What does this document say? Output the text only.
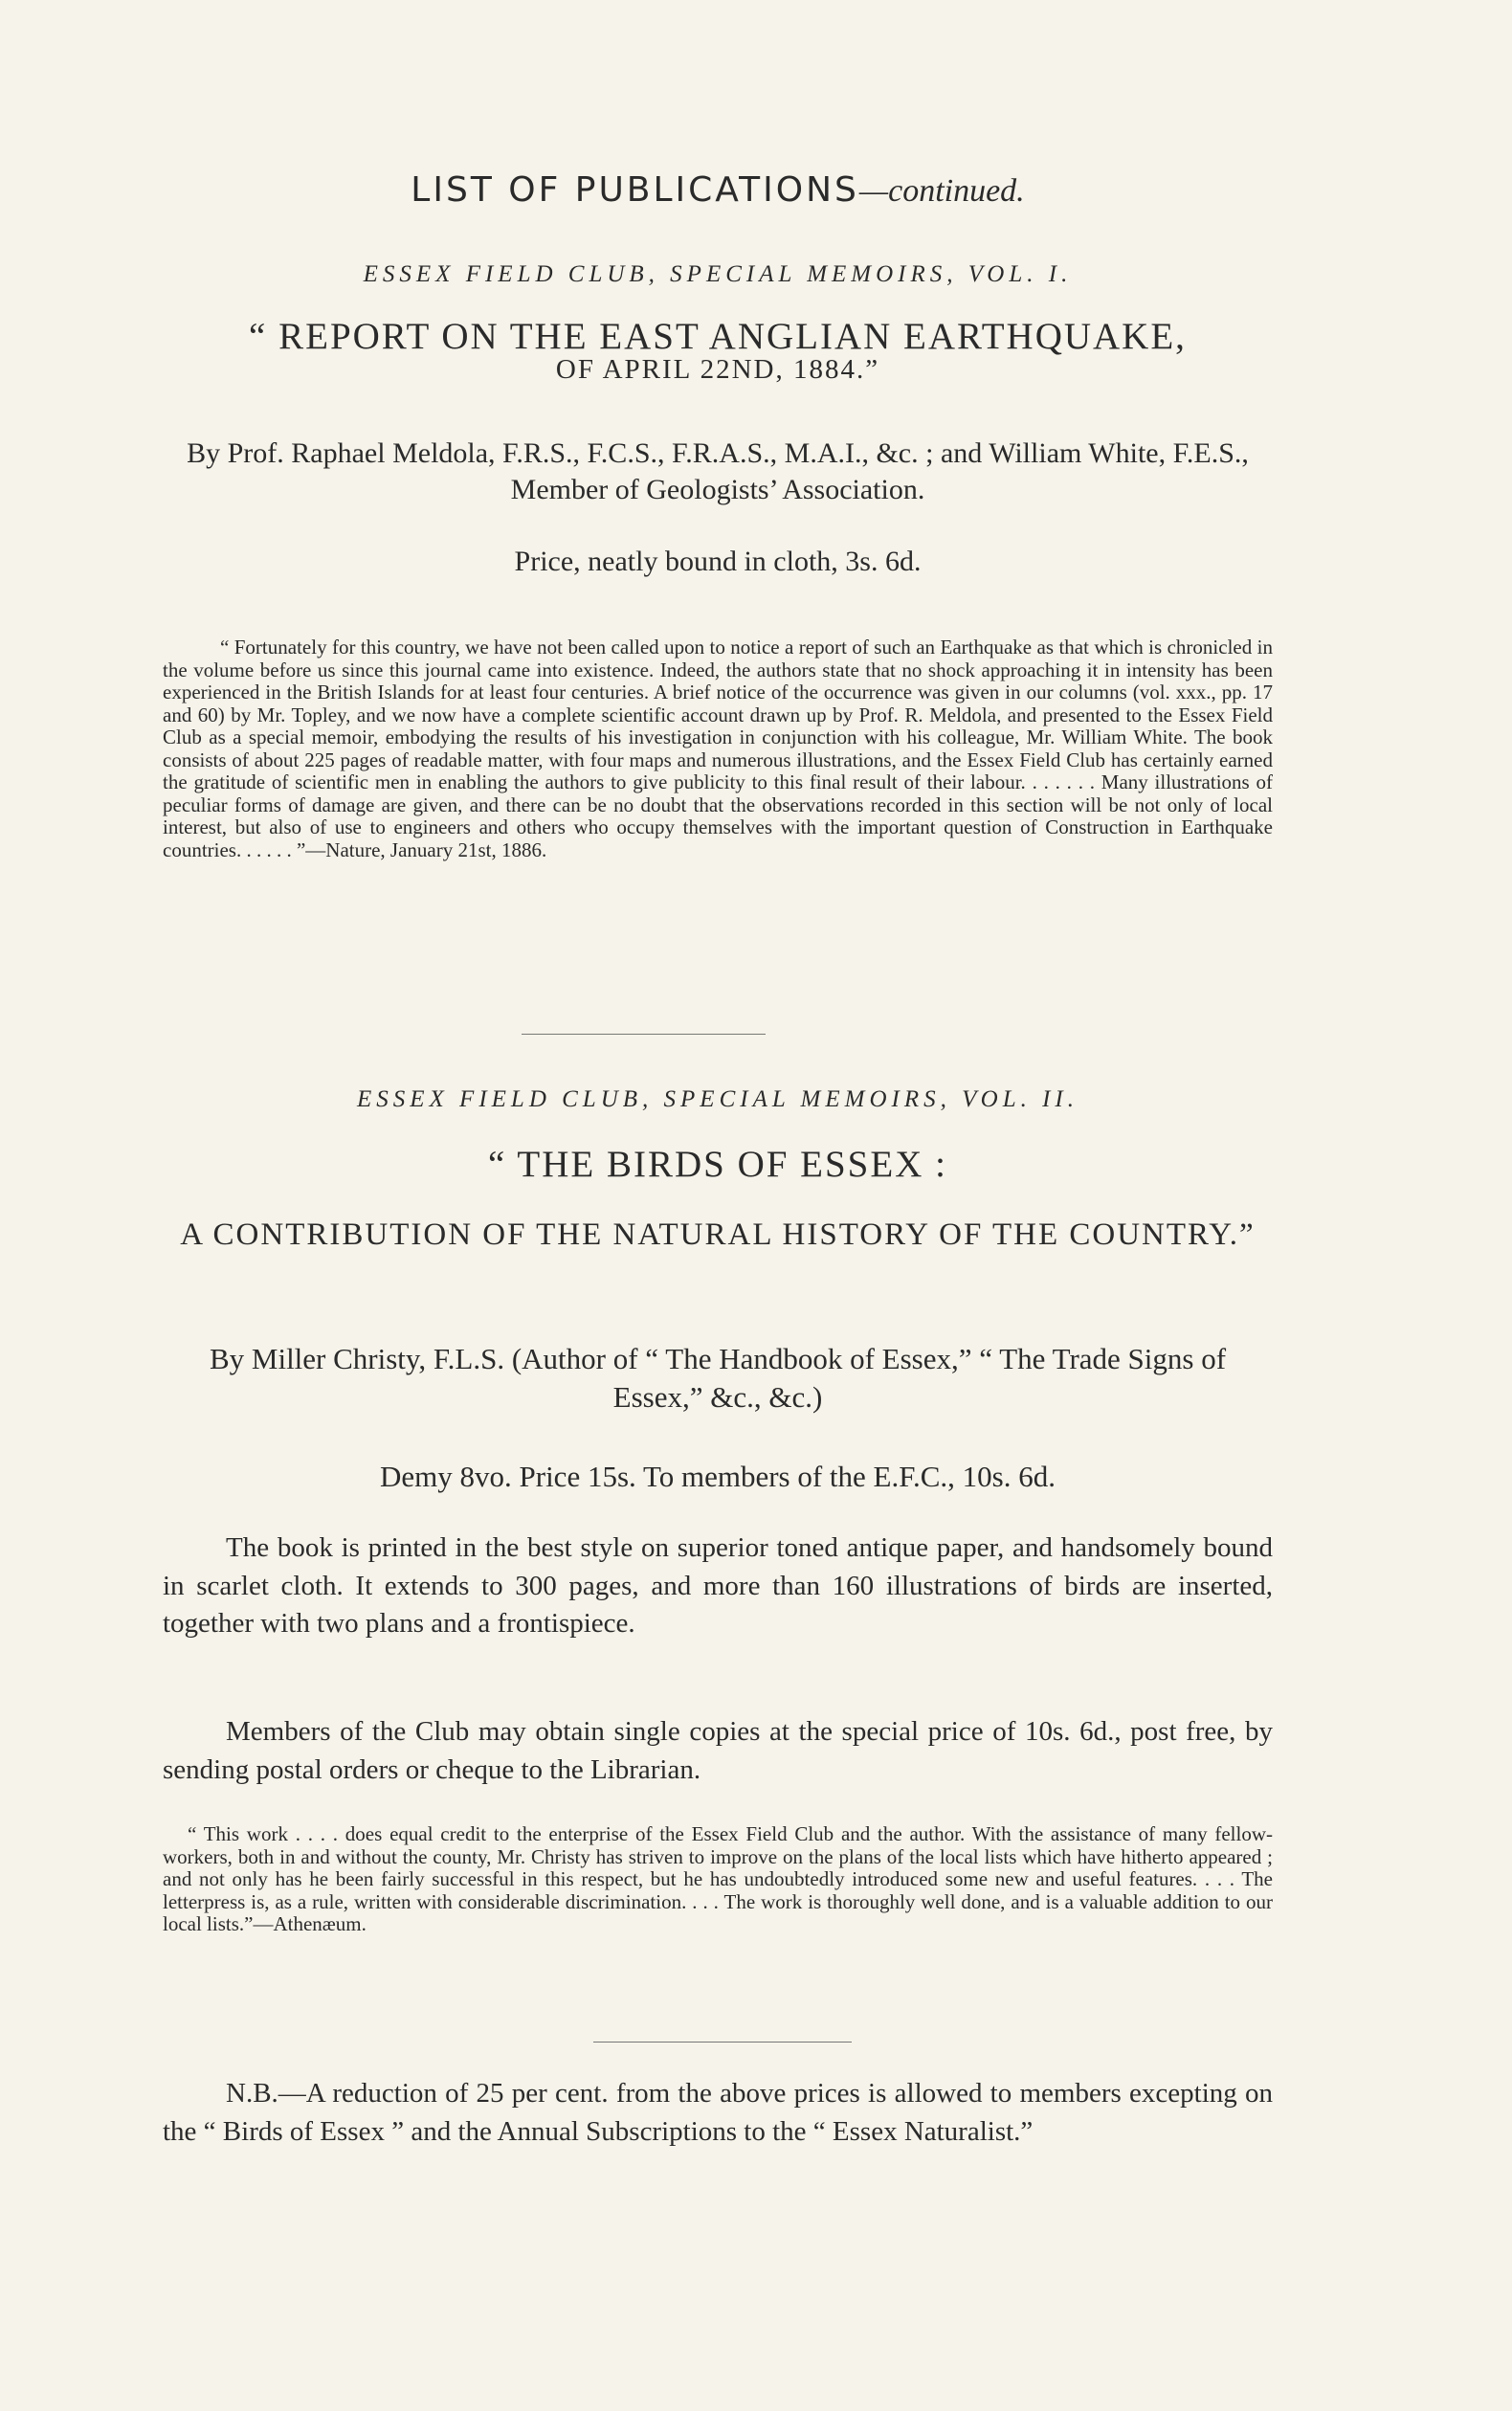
LIST OF PUBLICATIONS—continued.
ESSEX FIELD CLUB, SPECIAL MEMOIRS, VOL. I.
“ REPORT ON THE EAST ANGLIAN EARTHQUAKE,
OF APRIL 22ND, 1884.”
By Prof. Raphael Meldola, F.R.S., F.C.S., F.R.A.S., M.A.I., &c. ; and William White, F.E.S., Member of Geologists’ Association.
Price, neatly bound in cloth, 3s. 6d.

“ Fortunately for this country, we have not been called upon to notice a report of such an Earthquake as that which is chronicled in the volume before us since this journal came into existence. Indeed, the authors state that no shock approaching it in intensity has been experienced in the British Islands for at least four centuries. A brief notice of the occurrence was given in our columns (vol. xxx., pp. 17 and 60) by Mr. Topley, and we now have a complete scientific account drawn up by Prof. R. Meldola, and presented to the Essex Field Club as a special memoir, embodying the results of his investigation in conjunction with his colleague, Mr. William White. The book consists of about 225 pages of readable matter, with four maps and numerous illustrations, and the Essex Field Club has certainly earned the gratitude of scientific men in enabling the authors to give publicity to this final result of their labour. . . . . . . Many illustrations of peculiar forms of damage are given, and there can be no doubt that the observations recorded in this section will be not only of local interest, but also of use to engineers and others who occupy themselves with the important question of Construction in Earthquake countries. . . . . . ”—Nature, January 21st, 1886.

ESSEX FIELD CLUB, SPECIAL MEMOIRS, VOL. II.
“ THE BIRDS OF ESSEX :
A CONTRIBUTION OF THE NATURAL HISTORY OF THE COUNTRY.”
By Miller Christy, F.L.S. (Author of “ The Handbook of Essex,” “ The Trade Signs of Essex,” &c., &c.)
Demy 8vo. Price 15s. To members of the E.F.C., 10s. 6d.

The book is printed in the best style on superior toned antique paper, and handsomely bound in scarlet cloth. It extends to 300 pages, and more than 160 illustrations of birds are inserted, together with two plans and a frontispiece.

Members of the Club may obtain single copies at the special price of 10s. 6d., post free, by sending postal orders or cheque to the Librarian.

“ This work . . . . does equal credit to the enterprise of the Essex Field Club and the author. With the assistance of many fellow-workers, both in and without the county, Mr. Christy has striven to improve on the plans of the local lists which have hitherto appeared ; and not only has he been fairly successful in this respect, but he has undoubtedly introduced some new and useful features. . . . The letterpress is, as a rule, written with considerable discrimination. . . . The work is thoroughly well done, and is a valuable addition to our local lists.”—Athenæum.

N.B.—A reduction of 25 per cent. from the above prices is allowed to members excepting on the “ Birds of Essex ” and the Annual Subscriptions to the “ Essex Naturalist.”
